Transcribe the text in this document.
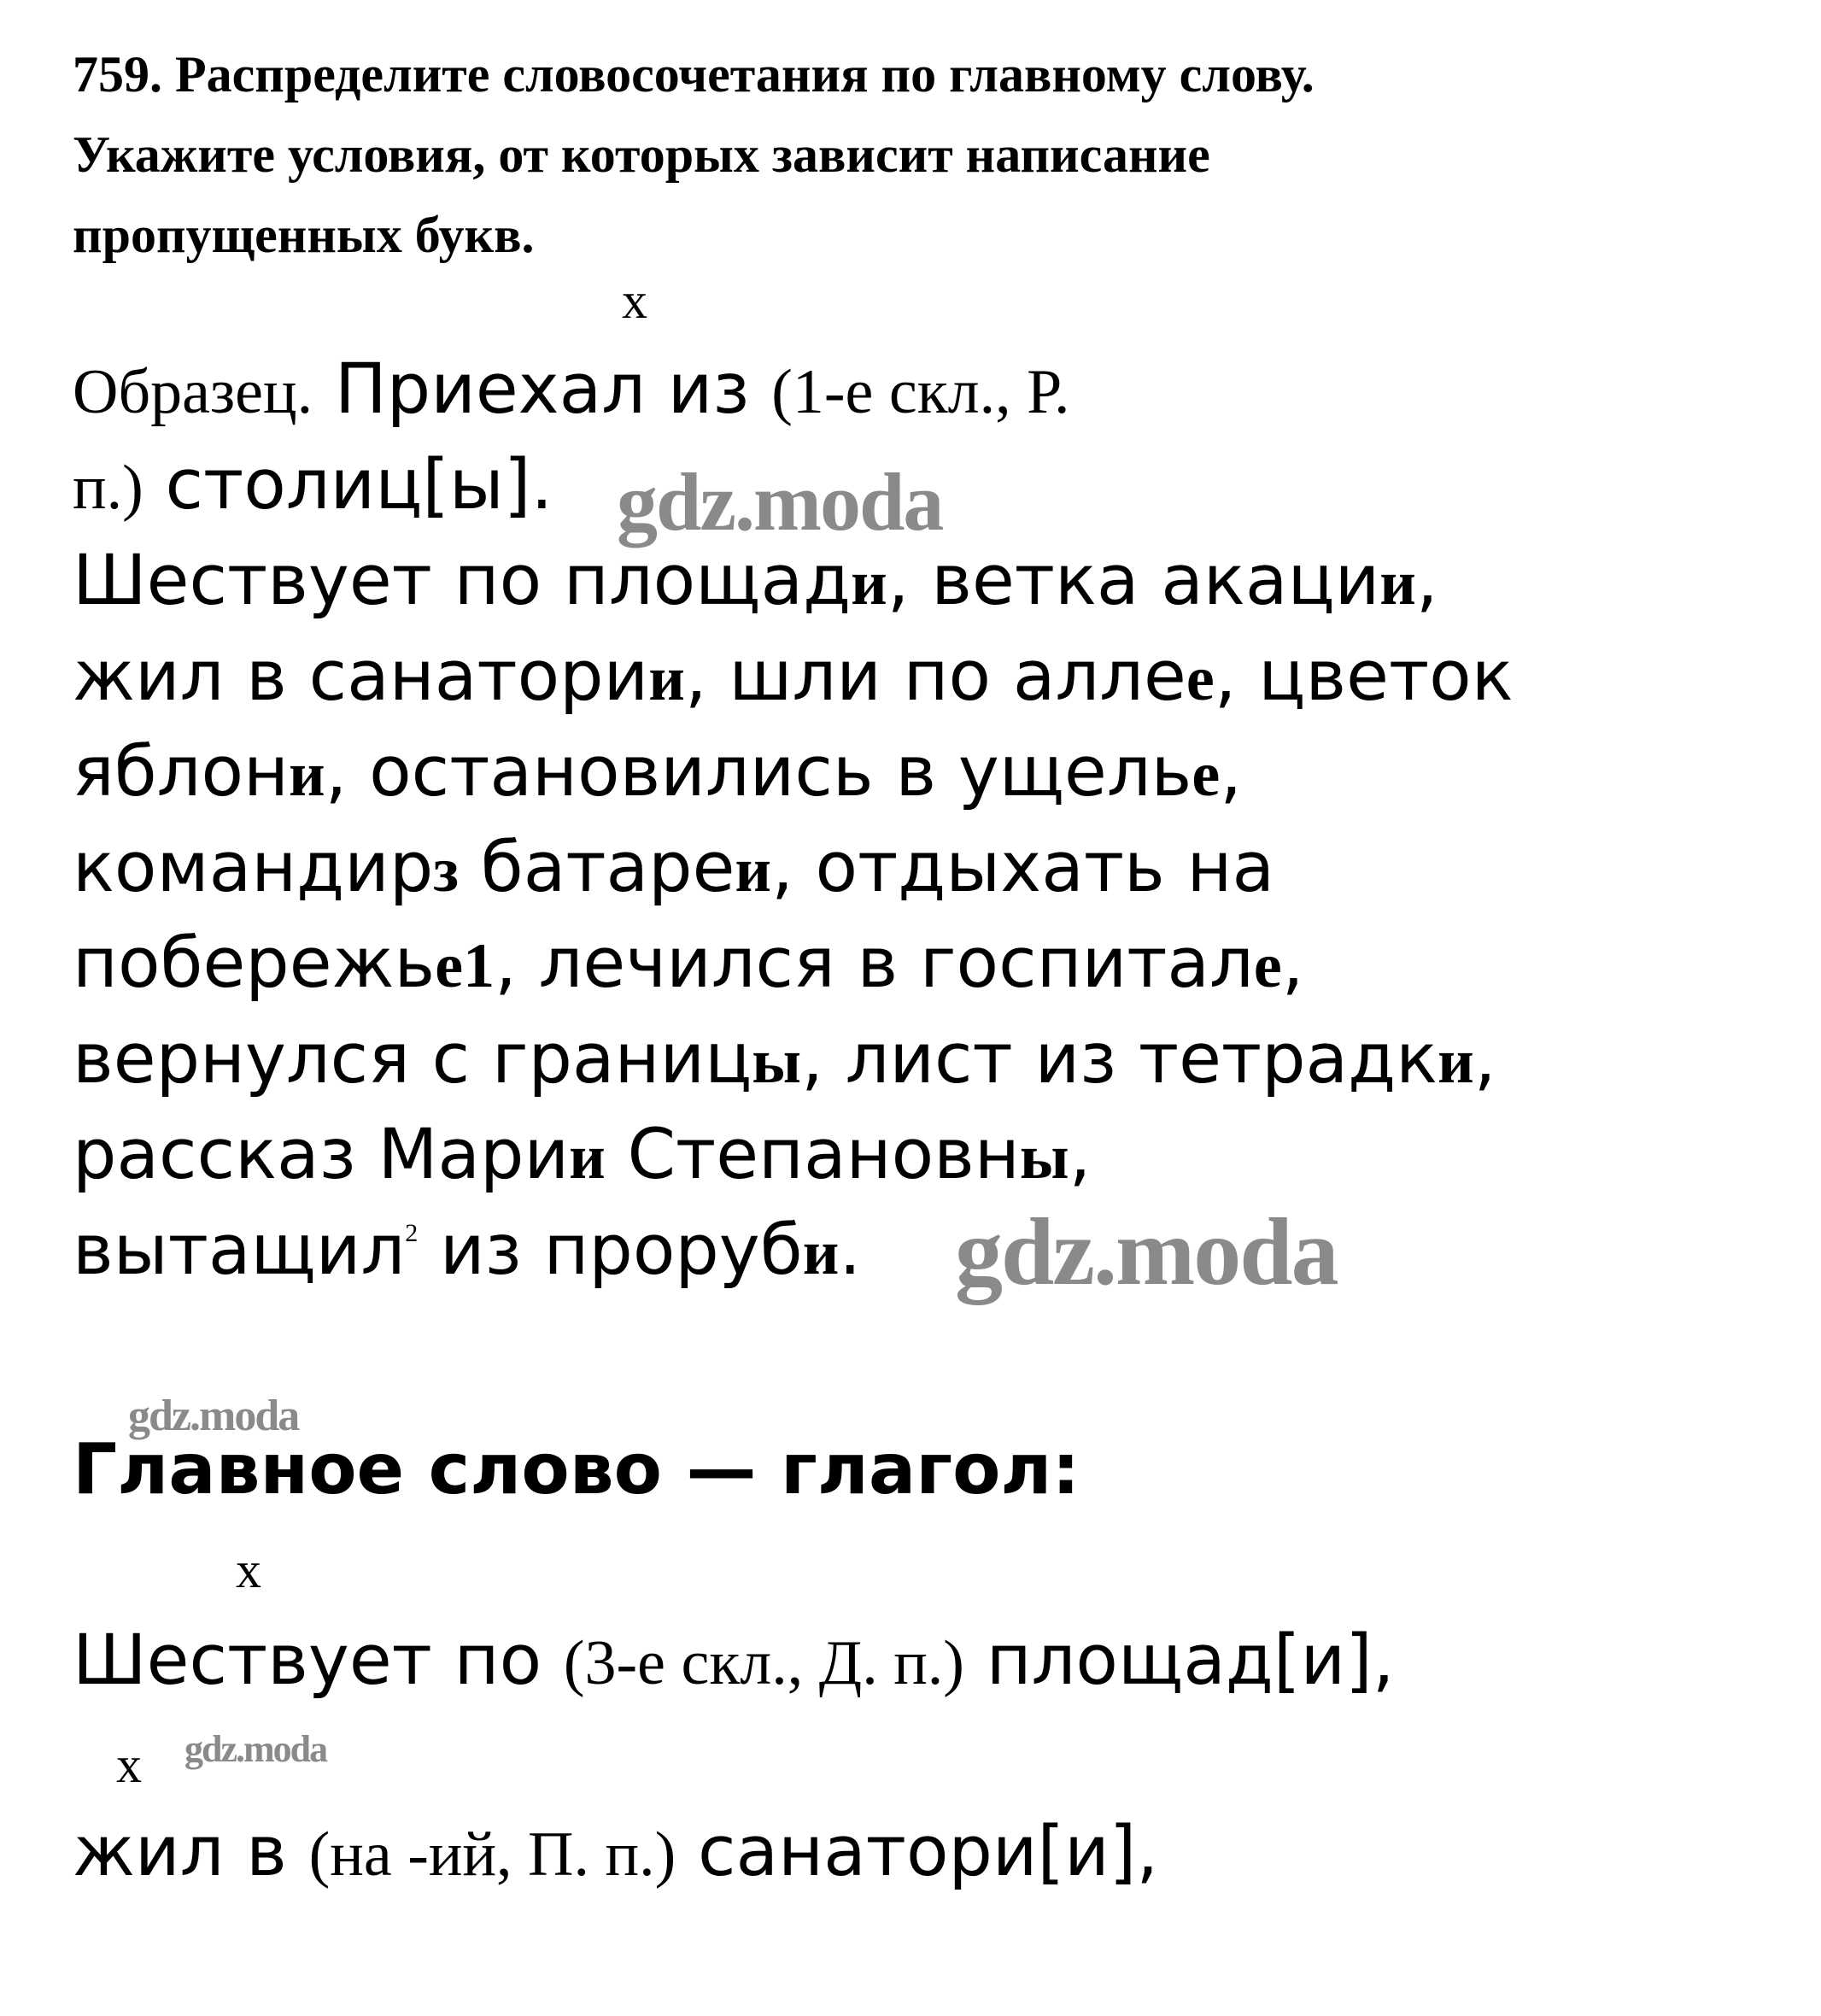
759. Распределите словосочетания по главному слову.
Укажите условия, от которых зависит написание
пропущенных букв.
х
Образец. Приехал из (1-е скл., Р.
п.) столиц[ы].
Шествует по площади, ветка акации,
жил в санатории, шли по аллее, цветок
яблони, остановились в ущелье,
командирз батареи, отдыхать на
побережье1, лечился в госпитале,
вернулся с границы, лист из тетрадки,
рассказ Марии Степановны,
вытащил$^2$ из проруби.
Главное слово — глагол:
х
Шествует по (3-е скл., Д. п.) площад[и],
х
жил в (на -ий, П. п.) санатори[и],
gdz.moda
gdz.moda
gdz.moda
gdz.moda
